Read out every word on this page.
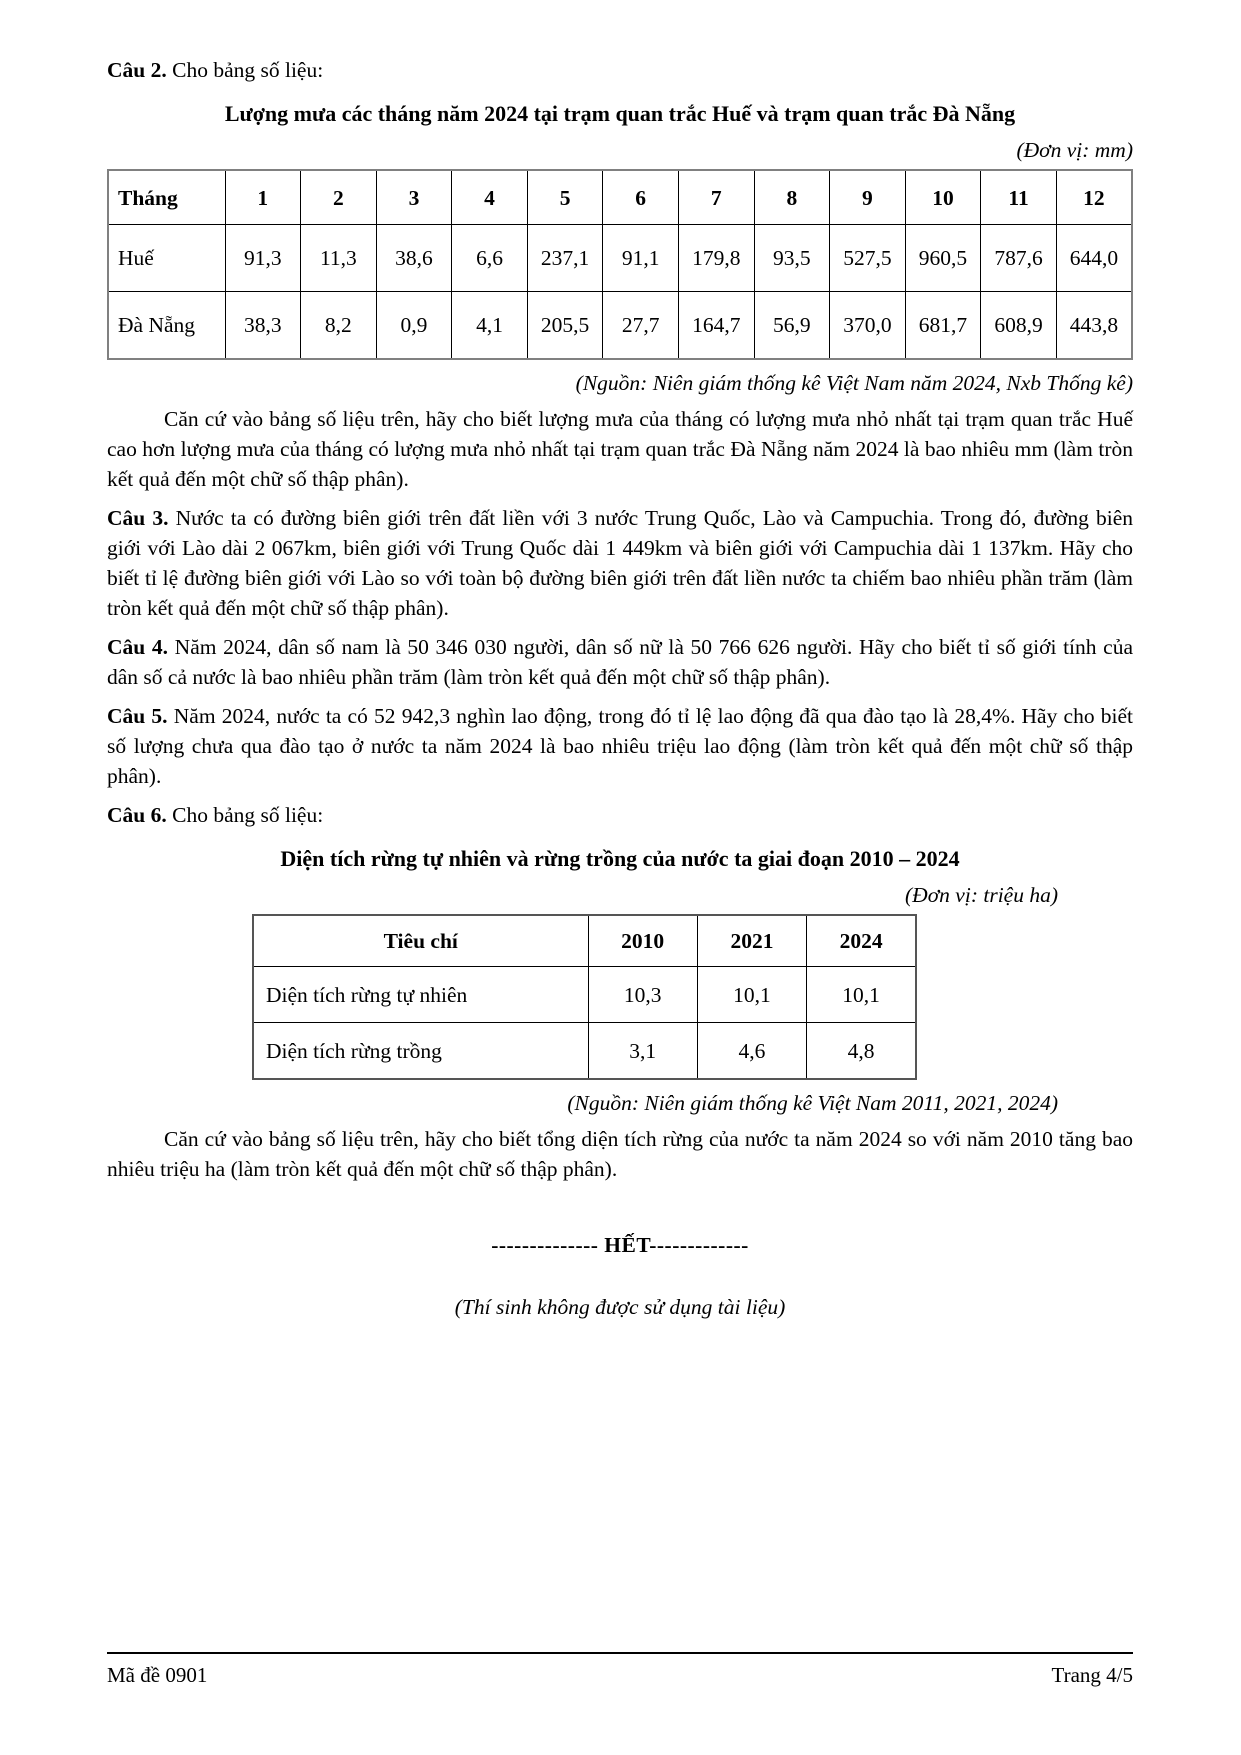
Câu 2. Cho bảng số liệu:

Lượng mưa các tháng năm 2024 tại trạm quan trắc Huế và trạm quan trắc Đà Nẵng

(Đơn vị: mm)

Tháng	1	2	3	4	5	6	7	8	9	10	11	12
Huế	91,3	11,3	38,6	6,6	237,1	91,1	179,8	93,5	527,5	960,5	787,6	644,0
Đà Nẵng	38,3	8,2	0,9	4,1	205,5	27,7	164,7	56,9	370,0	681,7	608,9	443,8

(Nguồn: Niên giám thống kê Việt Nam năm 2024, Nxb Thống kê)

Căn cứ vào bảng số liệu trên, hãy cho biết lượng mưa của tháng có lượng mưa nhỏ nhất tại trạm quan trắc Huế cao hơn lượng mưa của tháng có lượng mưa nhỏ nhất tại trạm quan trắc Đà Nẵng năm 2024 là bao nhiêu mm (làm tròn kết quả đến một chữ số thập phân).

Câu 3. Nước ta có đường biên giới trên đất liền với 3 nước Trung Quốc, Lào và Campuchia. Trong đó, đường biên giới với Lào dài 2 067km, biên giới với Trung Quốc dài 1 449km và biên giới với Campuchia dài 1 137km. Hãy cho biết tỉ lệ đường biên giới với Lào so với toàn bộ đường biên giới trên đất liền nước ta chiếm bao nhiêu phần trăm (làm tròn kết quả đến một chữ số thập phân).

Câu 4. Năm 2024, dân số nam là 50 346 030 người, dân số nữ là 50 766 626 người. Hãy cho biết tỉ số giới tính của dân số cả nước là bao nhiêu phần trăm (làm tròn kết quả đến một chữ số thập phân).

Câu 5. Năm 2024, nước ta có 52 942,3 nghìn lao động, trong đó tỉ lệ lao động đã qua đào tạo là 28,4%. Hãy cho biết số lượng chưa qua đào tạo ở nước ta năm 2024 là bao nhiêu triệu lao động (làm tròn kết quả đến một chữ số thập phân).

Câu 6. Cho bảng số liệu:

Diện tích rừng tự nhiên và rừng trồng của nước ta giai đoạn 2010 – 2024

(Đơn vị: triệu ha)

Tiêu chí	2010	2021	2024
Diện tích rừng tự nhiên	10,3	10,1	10,1
Diện tích rừng trồng	3,1	4,6	4,8

(Nguồn: Niên giám thống kê Việt Nam 2011, 2021, 2024)

Căn cứ vào bảng số liệu trên, hãy cho biết tổng diện tích rừng của nước ta năm 2024 so với năm 2010 tăng bao nhiêu triệu ha (làm tròn kết quả đến một chữ số thập phân).

-------------- HẾT-------------

(Thí sinh không được sử dụng tài liệu)

Mã đề 0901	Trang 4/5
